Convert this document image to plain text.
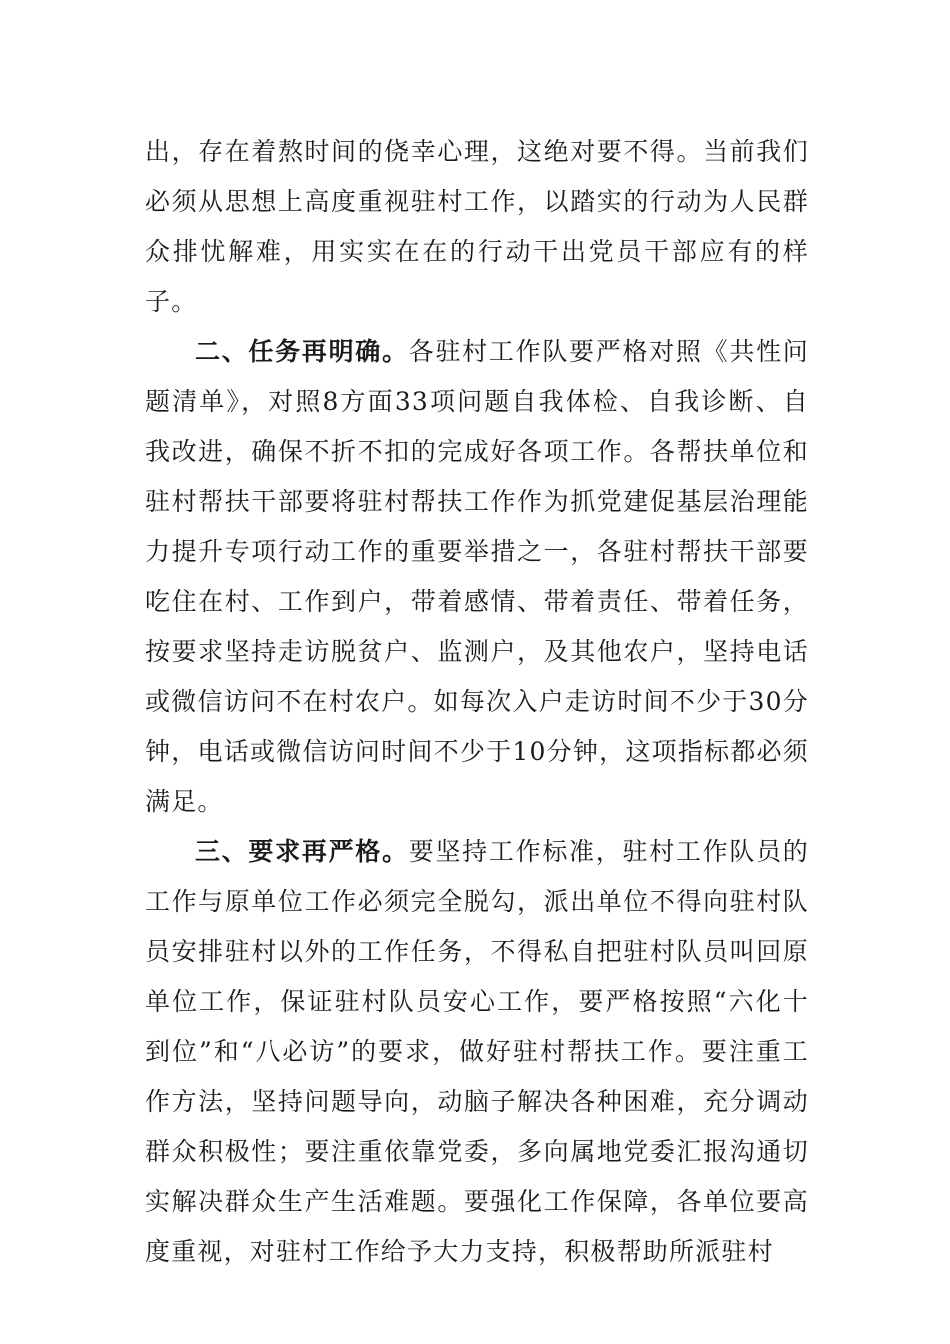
出，存在着熬时间的侥幸心理，这绝对要不得。当前我们必须从思想上高度重视驻村工作，以踏实的行动为人民群众排忧解难，用实实在在的行动干出党员干部应有的样子。

二、任务再明确。各驻村工作队要严格对照《共性问题清单》，对照8方面33项问题自我体检、自我诊断、自我改进，确保不折不扣的完成好各项工作。各帮扶单位和驻村帮扶干部要将驻村帮扶工作作为抓党建促基层治理能力提升专项行动工作的重要举措之一，各驻村帮扶干部要吃住在村、工作到户，带着感情、带着责任、带着任务，按要求坚持走访脱贫户、监测户，及其他农户，坚持电话或微信访问不在村农户。如每次入户走访时间不少于30分钟，电话或微信访问时间不少于10分钟，这项指标都必须满足。

三、要求再严格。要坚持工作标准，驻村工作队员的工作与原单位工作必须完全脱勾，派出单位不得向驻村队员安排驻村以外的工作任务，不得私自把驻村队员叫回原单位工作，保证驻村队员安心工作，要严格按照“六化十到位”和“八必访”的要求，做好驻村帮扶工作。要注重工作方法，坚持问题导向，动脑子解决各种困难，充分调动群众积极性；要注重依靠党委，多向属地党委汇报沟通切实解决群众生产生活难题。要强化工作保障，各单位要高度重视，对驻村工作给予大力支持，积极帮助所派驻村
